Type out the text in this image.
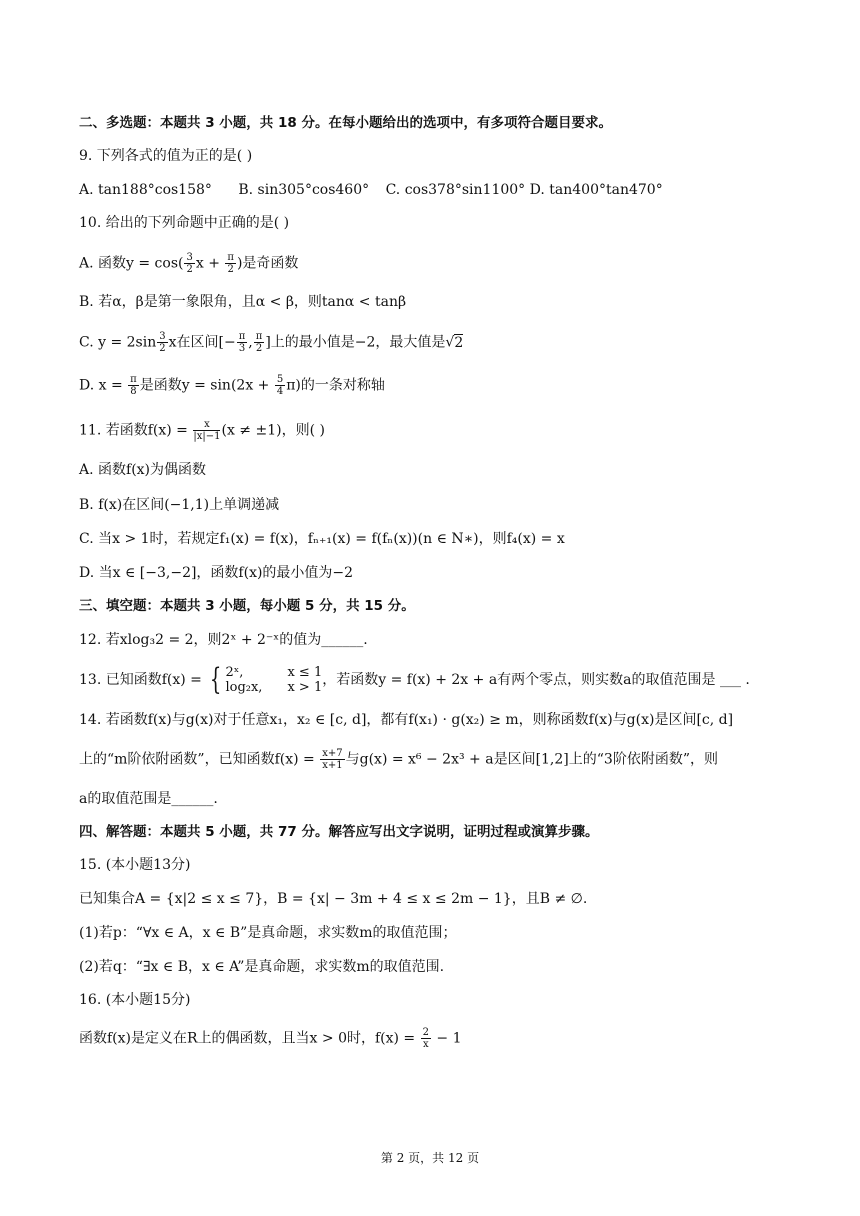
二、多选题：本题共 3 小题，共 18 分。在每小题给出的选项中，有多项符合题目要求。
9. 下列各式的值为正的是( )
A. tan188°cos158° B. sin305°cos460° C. cos378°sin1100° D. tan400°tan470°
10. 给出的下列命题中正确的是( )
A. 函数$y = \cos( \frac{3}{2}$ $x + \frac{\pi}{2}$ )是奇函数
B. 若α，β是第一象限角，且α < β，则tanα < tanβ
C. $y = 2\sin \frac{3}{2}$ x在区间[− $\frac{\pi}{3}$ , $\frac{\pi}{2}$ ]上的最小值是−2，最大值是√2
D. $x = \frac{\pi}{8}$ 是函数$y = \sin(2x + \frac{5}{4} \pi)$的一条对称轴
11. 若函数$f(x) = \frac{x}{|x|-1} (x \ne \pm 1)$，则( )
A. 函数f(x)为偶函数
B. f(x)在区间(−1,1)上单调递减
C. 当x > 1时，若规定f₁(x) = f(x)，fₙ₊₁(x) = f(fₙ(x))(n ∈ N∗)，则f₄(x) = x
D. 当x ∈ [−3,−2]，函数f(x)的最小值为−2
三、填空题：本题共 3 小题，每小题 5 分，共 15 分。
12. 若xlog₃2 = 2，则2ˣ + 2⁻ˣ的值为______.
13. 已知函数f(x) = { 2ˣ,	x ≤ 1
log₂x, x > 1 ，若函数y = f(x) + 2x + a有两个零点，则实数a的取值范围是 ___ .
14. 若函数f(x)与g(x)对于任意x₁，x₂ ∈ [c, d]，都有f(x₁) · g(x₂) ≥ m，则称函数f(x)与g(x)是区间[c, d]
上的“m阶依附函数”，已知函数$f(x) = \frac{x+7}{x+1}$ 与g(x) = x⁶ − 2x³ + a是区间[1,2]上的“3阶依附函数”，则
a的取值范围是______.
四、解答题：本题共 5 小题，共 77 分。解答应写出文字说明，证明过程或演算步骤。
15. (本小题13分)
已知集合A = {x|2 ≤ x ≤ 7}，B = {x| − 3m + 4 ≤ x ≤ 2m − 1}，且B ≠ ∅.
(1)若p：“∀x ∈ A，x ∈ B”是真命题，求实数m的取值范围；
(2)若q：“∃x ∈ B，x ∈ A”是真命题，求实数m的取值范围.
16. (本小题15分)
函数f(x)是定义在R上的偶函数，且当x > 0时，$f(x) = \frac{2}{x} - 1$
第 2 页，共 12 页
